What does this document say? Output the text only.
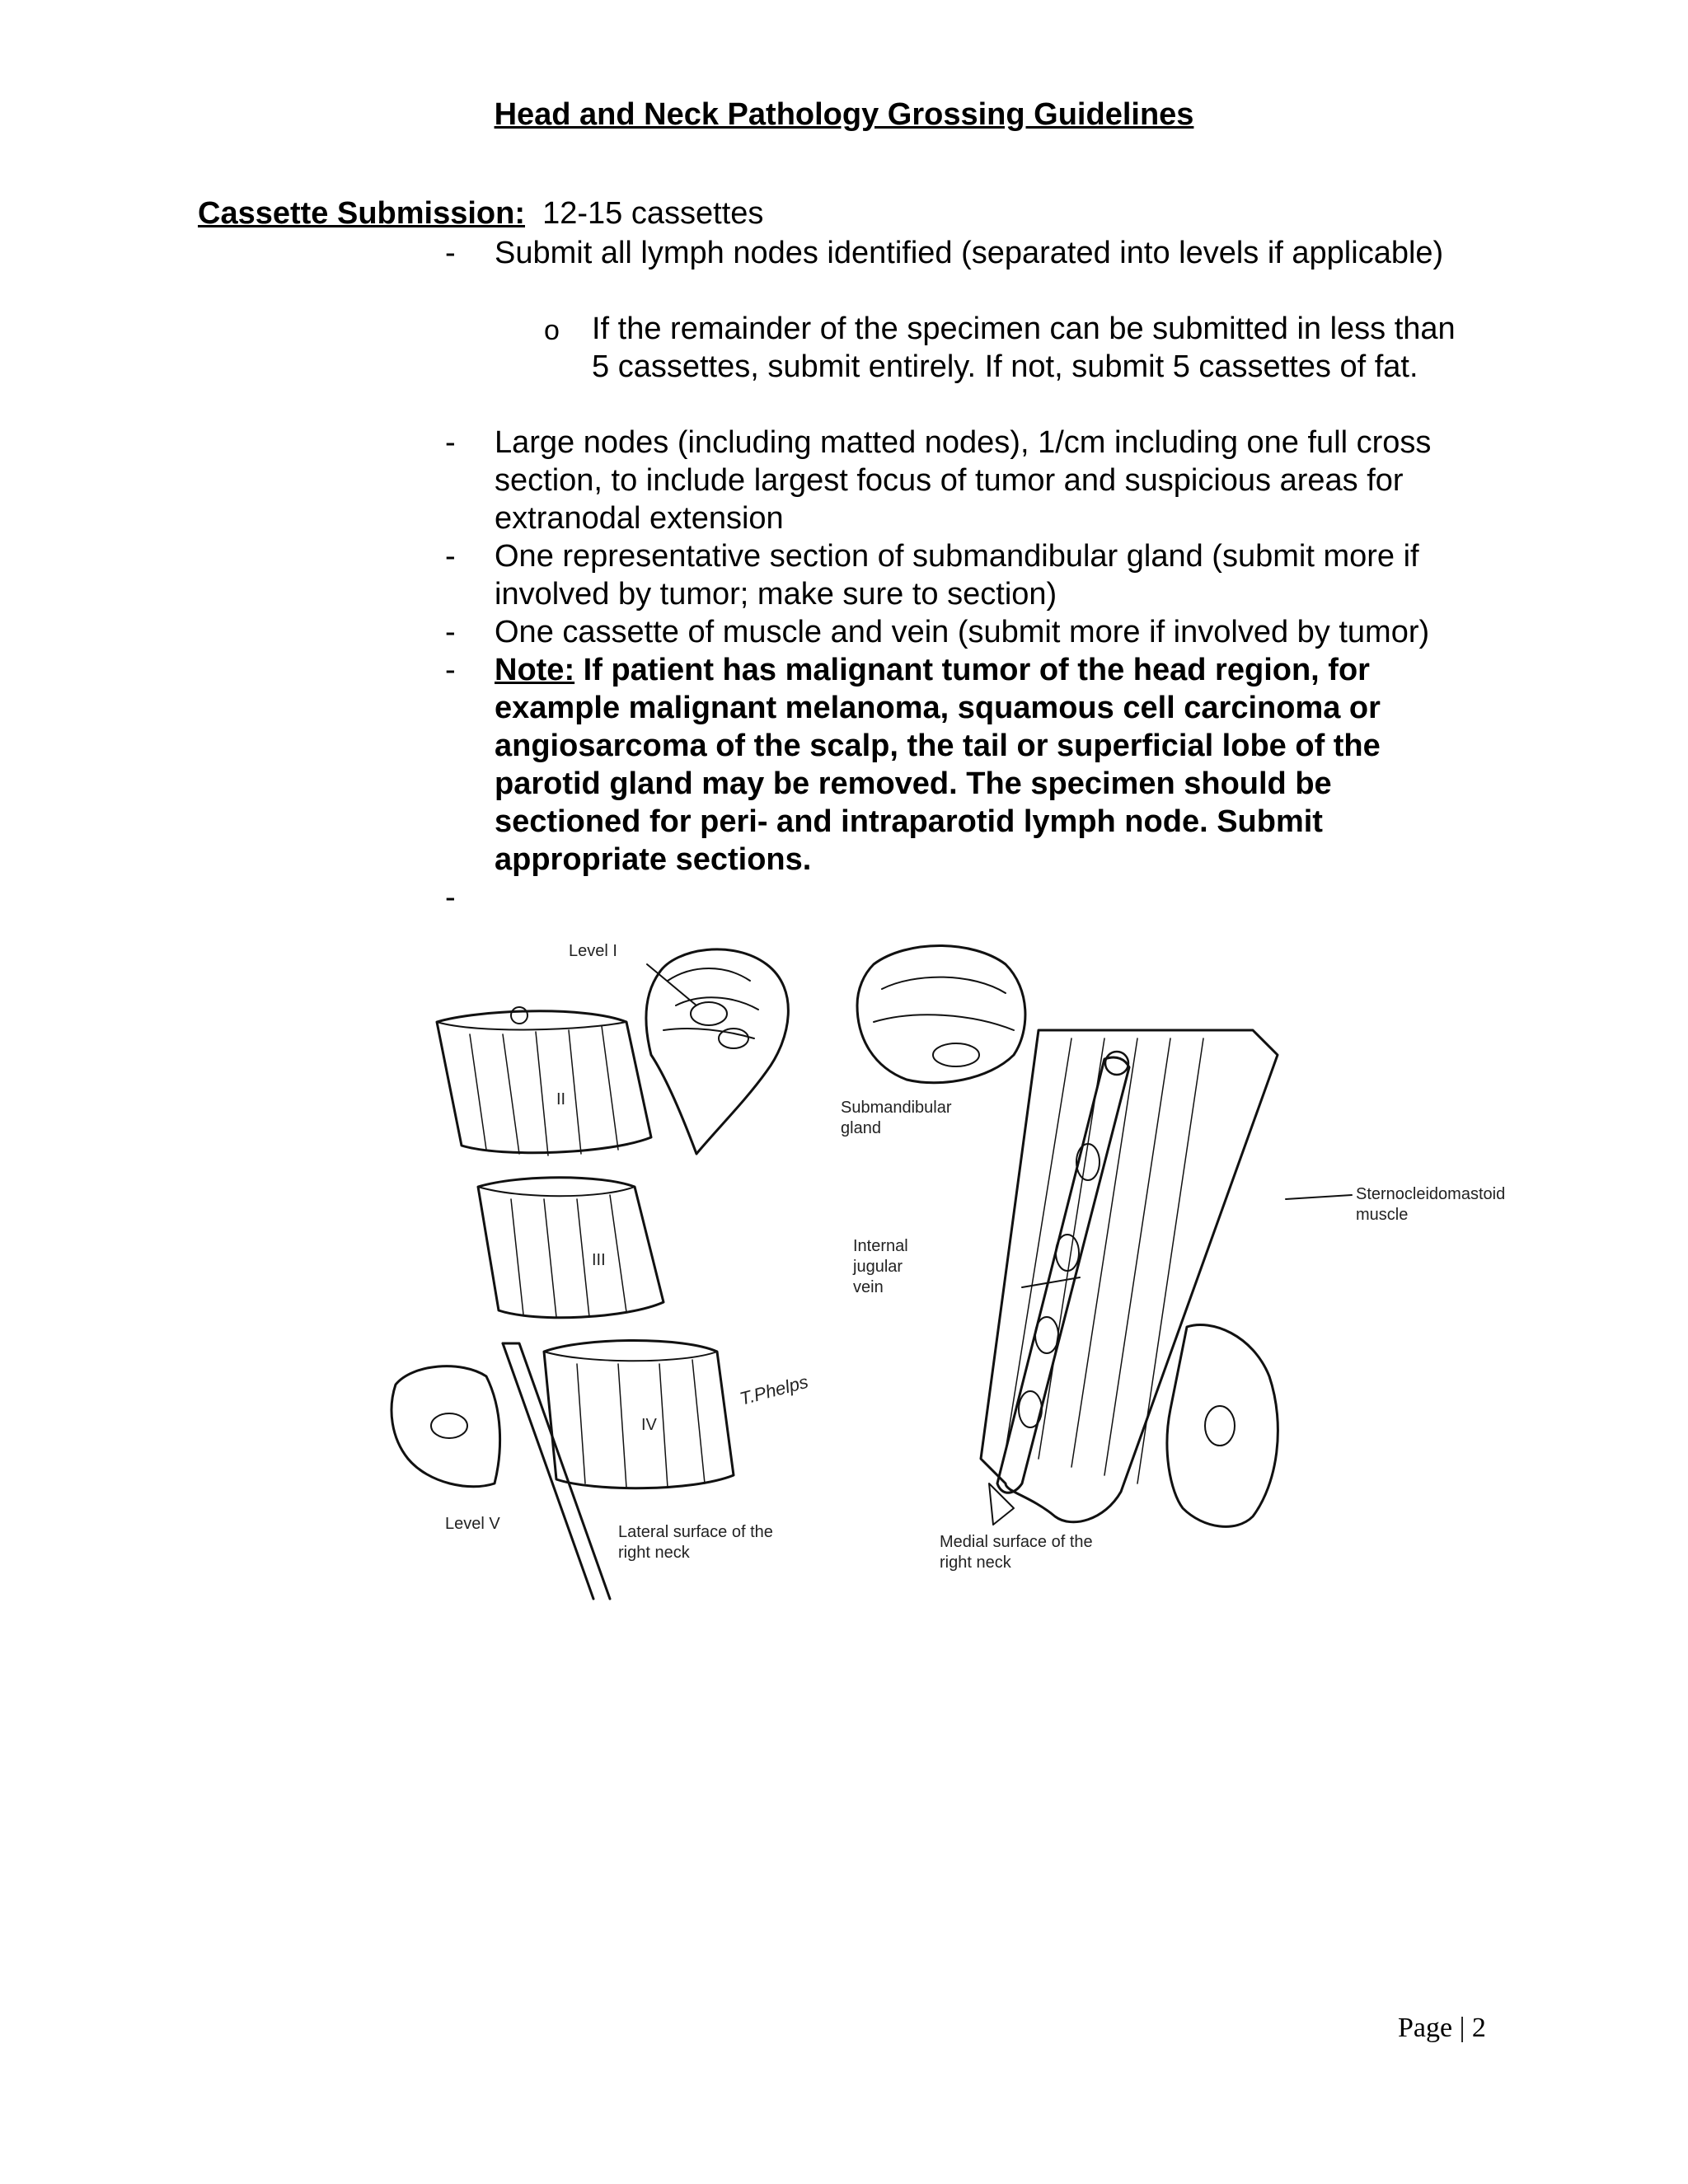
Head and Neck Pathology Grossing Guidelines
Cassette Submission: 12-15 cassettes
- Submit all lymph nodes identified (separated into levels if applicable)
o If the remainder of the specimen can be submitted in less than 5 cassettes, submit entirely. If not, submit 5 cassettes of fat.
- Large nodes (including matted nodes), 1/cm including one full cross section, to include largest focus of tumor and suspicious areas for extranodal extension
- One representative section of submandibular gland (submit more if involved by tumor; make sure to section)
- One cassette of muscle and vein (submit more if involved by tumor)
- Note: If patient has malignant tumor of the head region, for example malignant melanoma, squamous cell carcinoma or angiosarcoma of the scalp, the tail or superficial lobe of the parotid gland may be removed. The specimen should be sectioned for peri- and intraparotid lymph node. Submit appropriate sections.
-
Level I
II
III
IV
Level V	Lateral surface of the
right neck
Submandibular
gland
Internal
jugular
vein
Sternocleidomastoid
muscle
Medial surface of the
right neck
T.Phelps
Page | 2
